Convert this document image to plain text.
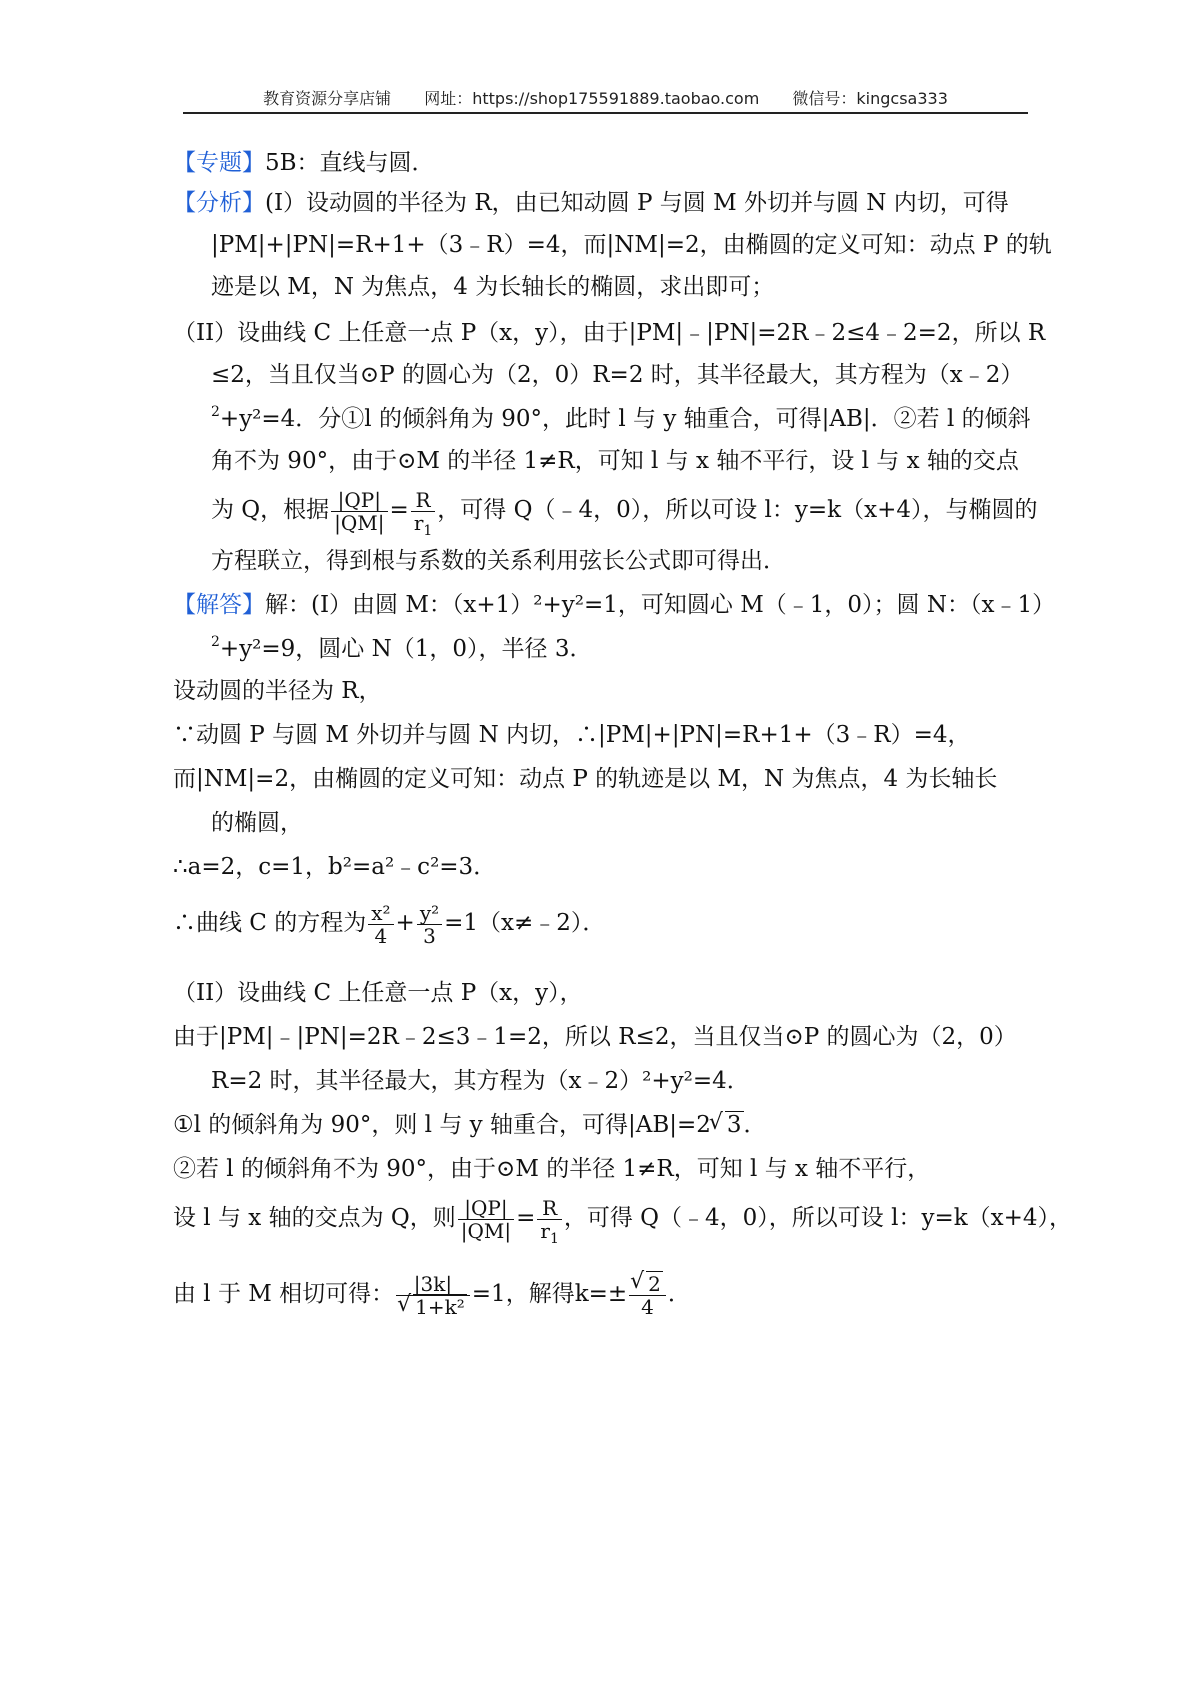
教育资源分享店铺 网址：https://shop175591889.taobao.com 微信号：kingcsa333
【专题】5B：直线与圆．
【分析】(I）设动圆的半径为 R，由已知动圆 P 与圆 M 外切并与圆 N 内切，可得
|PM|+|PN|=R+1+（3﹣R）=4，而|NM|=2，由椭圆的定义可知：动点 P 的轨
迹是以 M，N 为焦点，4 为长轴长的椭圆，求出即可；
（II）设曲线 C 上任意一点 P（x，y），由于|PM|﹣|PN|=2R﹣2≤4﹣2=2，所以 R
≤2，当且仅当⊙P 的圆心为（2，0）R=2 时，其半径最大，其方程为（x﹣2）
$^2$+y²=4．分①l 的倾斜角为 90°，此时 l 与 y 轴重合，可得|AB|．②若 l 的倾斜
角不为 90°，由于⊙M 的半径 1≠R，可知 l 与 x 轴不平行，设 l 与 x 轴的交点
为 Q，根据 $\frac{|QP|}{|QM|} = \frac{R}{r_1}$ ，可得 Q（﹣4，0），所以可设 l：y=k（x+4），与椭圆的
方程联立，得到根与系数的关系利用弦长公式即可得出．
【解答】解：(I）由圆 M：（x+1）²+y²=1，可知圆心 M（﹣1，0）；圆 N：（x﹣1）
$^2$+y²=9，圆心 N（1，0），半径 3．
设动圆的半径为 R，
∵动圆 P 与圆 M 外切并与圆 N 内切，∴|PM|+|PN|=R+1+（3﹣R）=4，
而|NM|=2，由椭圆的定义可知：动点 P 的轨迹是以 M，N 为焦点，4 为长轴长
的椭圆，
∴a=2，c=1，b²=a²﹣c²=3．
∴曲线 C 的方程为 $\frac{\text{x²}}{4} + \frac{\text{y²}}{3}$ =1（x≠﹣2）．
（II）设曲线 C 上任意一点 P（x，y），
由于|PM|﹣|PN|=2R﹣2≤3﹣1=2，所以 R≤2，当且仅当⊙P 的圆心为（2，0）
R=2 时，其半径最大，其方程为（x﹣2）²+y²=4．
①l 的倾斜角为 90°，则 l 与 y 轴重合，可得|AB|=2 √ 3．
②若 l 的倾斜角不为 90°，由于⊙M 的半径 1≠R，可知 l 与 x 轴不平行，
设 l 与 x 轴的交点为 Q，则 $\frac{|QP|}{|QM|} = \frac{R}{r_1}$ ，可得 Q（﹣4，0），所以可设 l：y=k（x+4），
由 l 于 M 相切可得： |3k|
√ 1+k² =1，解得k=± √ $\frac{2}{4}$ ．
